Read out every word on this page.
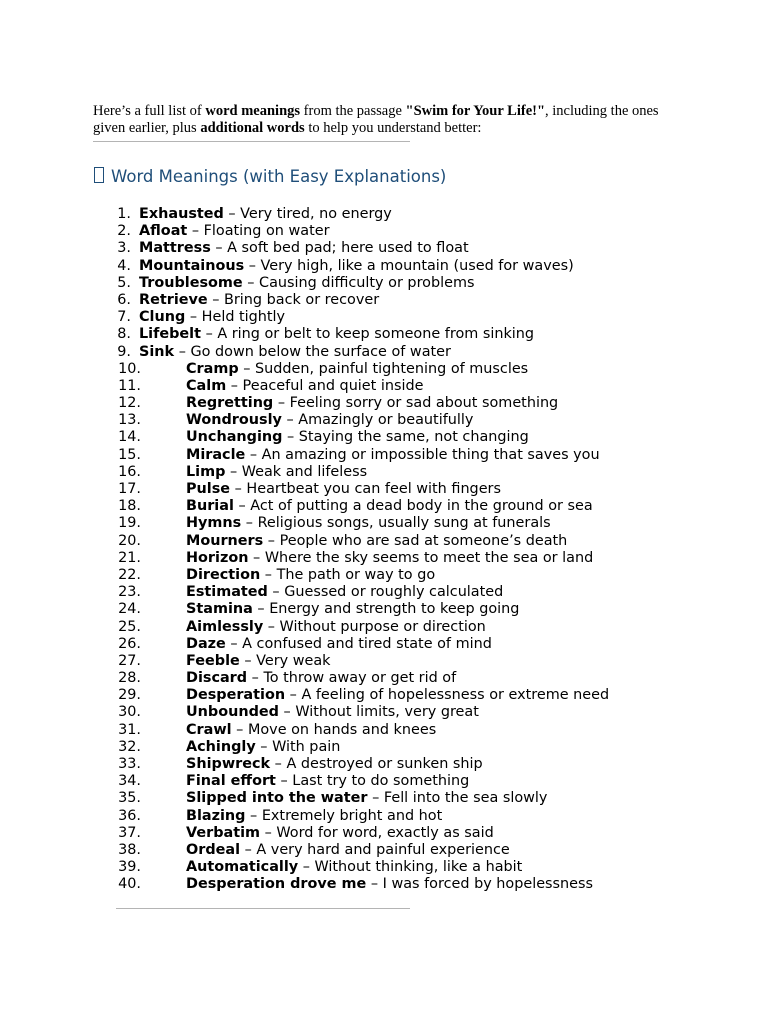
Here’s a full list of word meanings from the passage "Swim for Your Life!", including the ones given earlier, plus additional words to help you understand better:

Word Meanings (with Easy Explanations)
1. Exhausted – Very tired, no energy
2. Afloat – Floating on water
3. Mattress – A soft bed pad; here used to float
4. Mountainous – Very high, like a mountain (used for waves)
5. Troublesome – Causing difficulty or problems
6. Retrieve – Bring back or recover
7. Clung – Held tightly
8. Lifebelt – A ring or belt to keep someone from sinking
9. Sink – Go down below the surface of water
10.	Cramp – Sudden, painful tightening of muscles
11.	Calm – Peaceful and quiet inside
12.	Regretting – Feeling sorry or sad about something
13.	Wondrously – Amazingly or beautifully
14.	Unchanging – Staying the same, not changing
15.	Miracle – An amazing or impossible thing that saves you
16.	Limp – Weak and lifeless
17.	Pulse – Heartbeat you can feel with fingers
18.	Burial – Act of putting a dead body in the ground or sea
19.	Hymns – Religious songs, usually sung at funerals
20.	Mourners – People who are sad at someone’s death
21.	Horizon – Where the sky seems to meet the sea or land
22.	Direction – The path or way to go
23.	Estimated – Guessed or roughly calculated
24.	Stamina – Energy and strength to keep going
25.	Aimlessly – Without purpose or direction
26.	Daze – A confused and tired state of mind
27.	Feeble – Very weak
28.	Discard – To throw away or get rid of
29.	Desperation – A feeling of hopelessness or extreme need
30.	Unbounded – Without limits, very great
31.	Crawl – Move on hands and knees
32.	Achingly – With pain
33.	Shipwreck – A destroyed or sunken ship
34.	Final effort – Last try to do something
35.	Slipped into the water – Fell into the sea slowly
36.	Blazing – Extremely bright and hot
37.	Verbatim – Word for word, exactly as said
38.	Ordeal – A very hard and painful experience
39.	Automatically – Without thinking, like a habit
40.	Desperation drove me – I was forced by hopelessness
